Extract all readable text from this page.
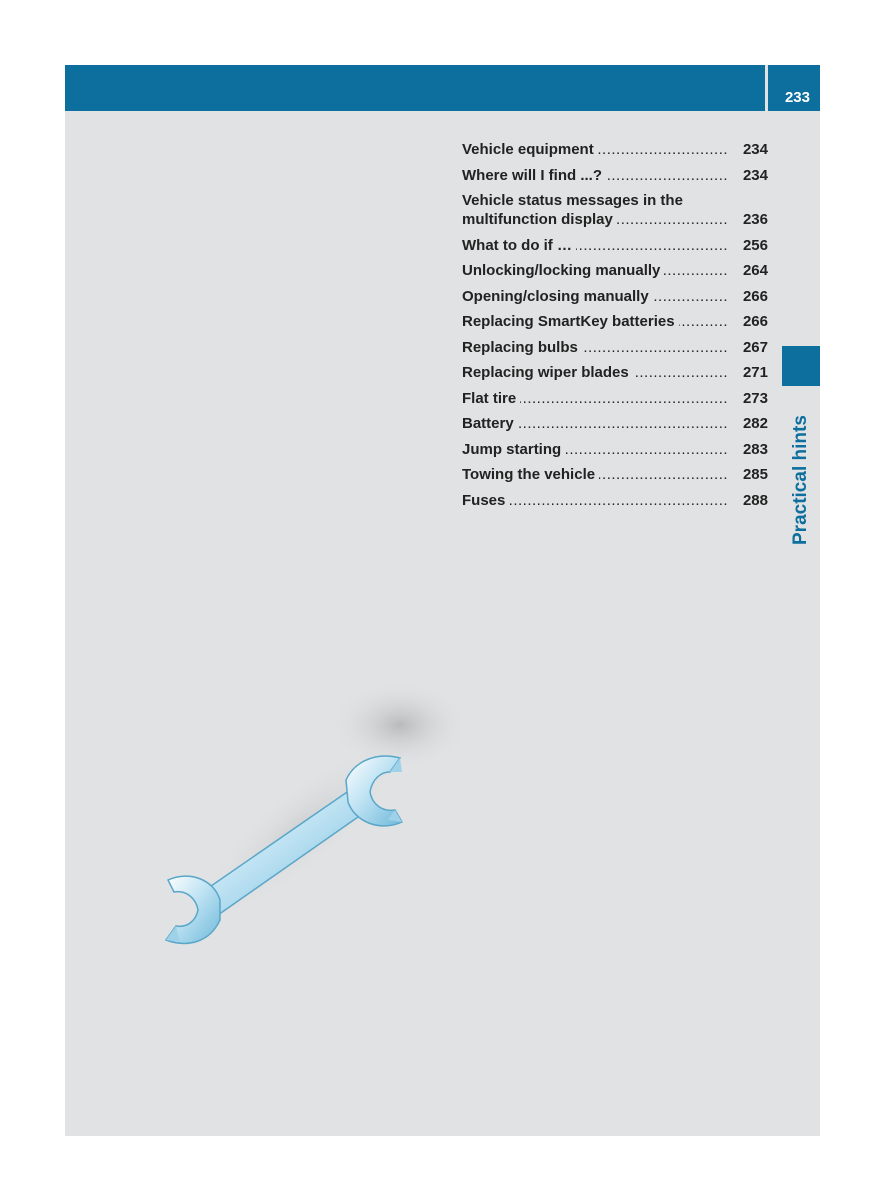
233
Vehicle equipment .....	234
Where will I find ...? .....	234
Vehicle status messages in the multifunction display .....	236
What to do if … .....	256
Unlocking/locking manually .....	264
Opening/closing manually .....	266
Replacing SmartKey batteries .....	266
Replacing bulbs .....	267
Replacing wiper blades .....	271
Flat tire .....	273
Battery .....	282
Jump starting .....	283
Towing the vehicle .....	285
Fuses .....	288
